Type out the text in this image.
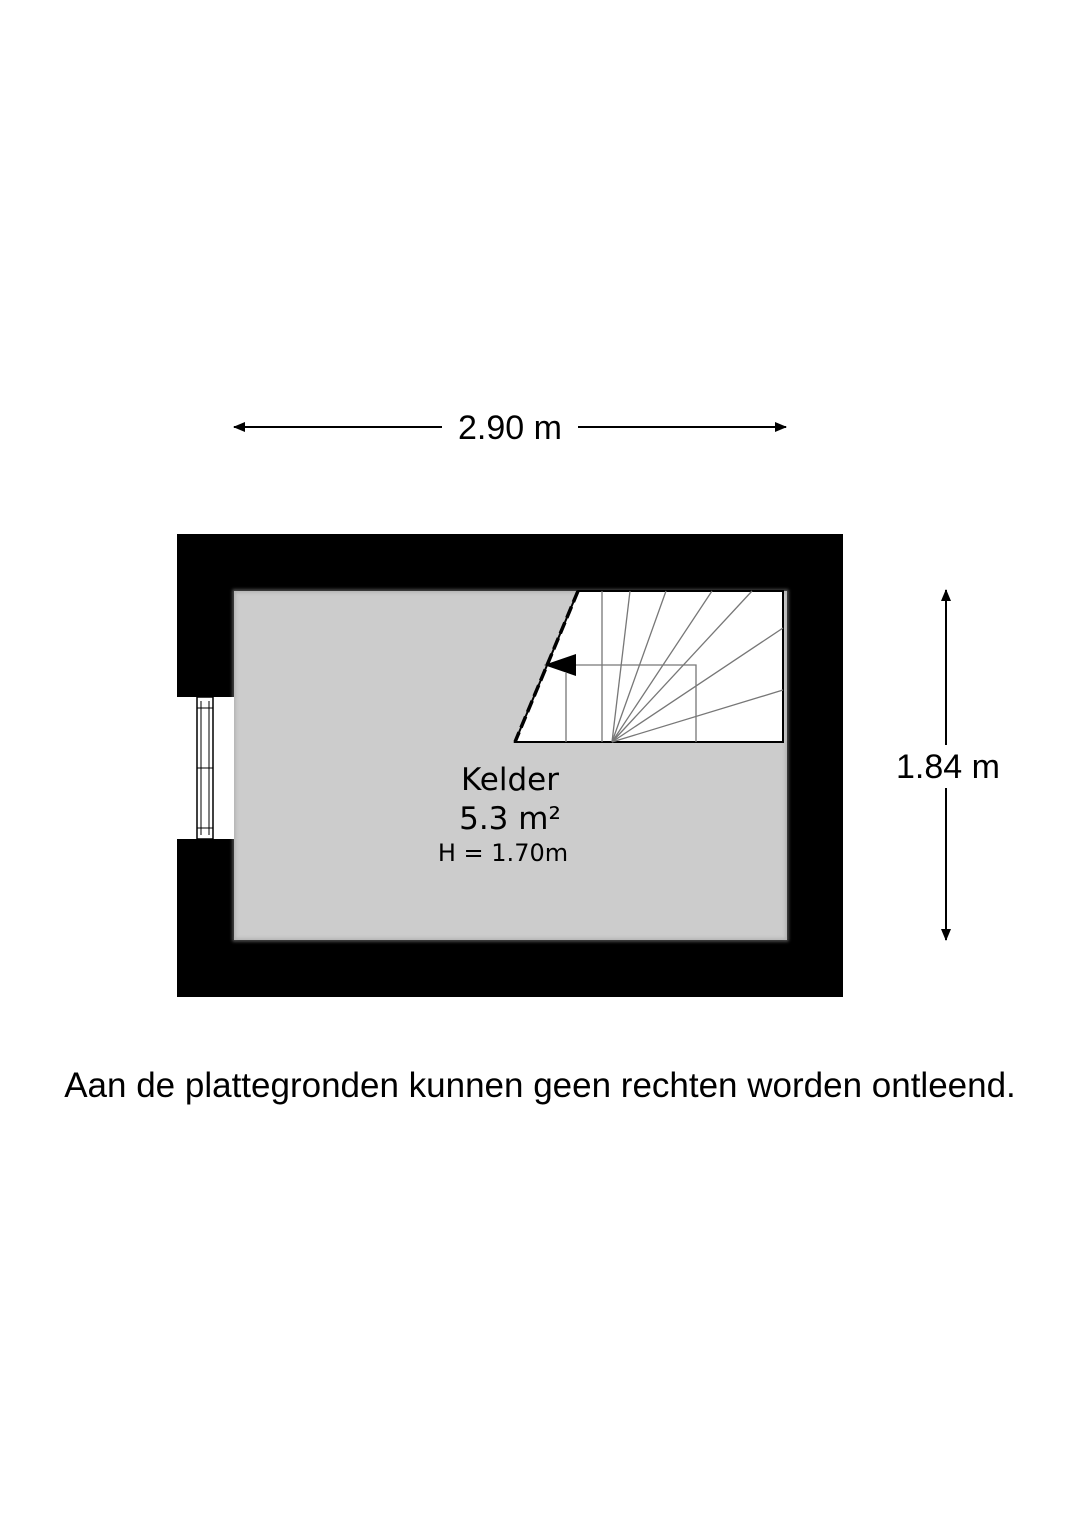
2.90 m
1.84 m
Kelder
5.3 m²
H = 1.70m
Aan de plattegronden kunnen geen rechten worden ontleend.
